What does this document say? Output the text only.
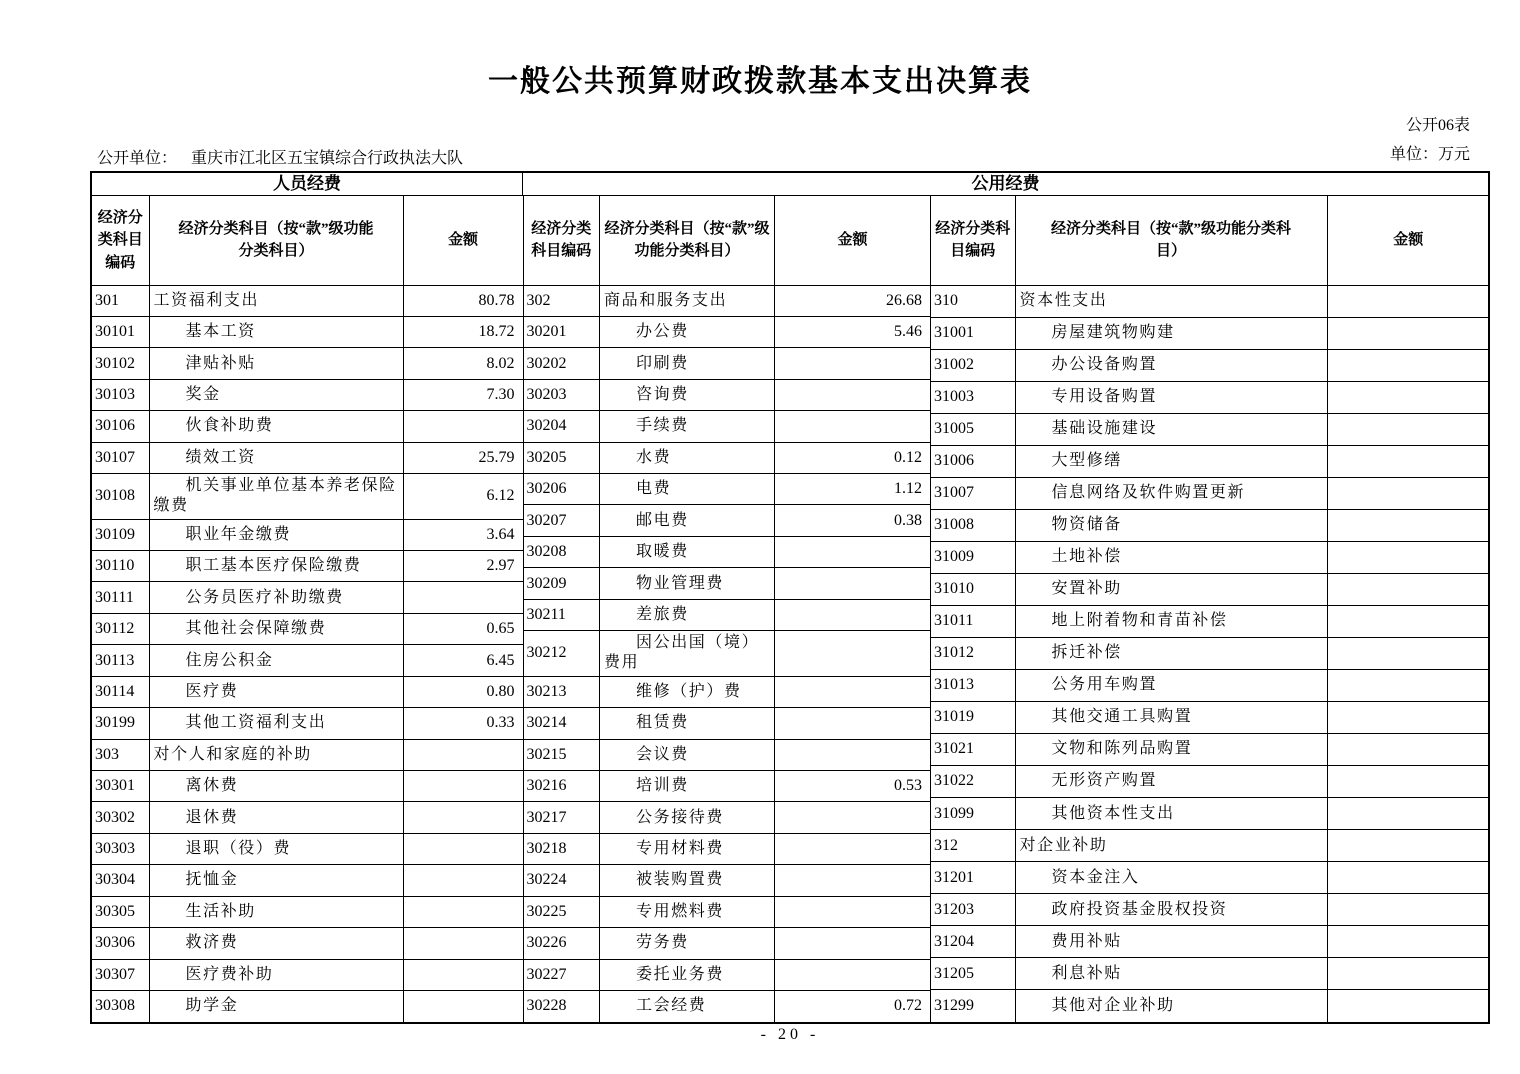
一般公共预算财政拨款基本支出决算表
公开06表
公开单位： 重庆市江北区五宝镇综合行政执法大队	单位：万元
人员经费	公用经费
经济分类科目编码	经济分类科目（按“款”级功能分类科目）	金额
301	工资福利支出	80.78
30101	基本工资	18.72
30102	津贴补贴	8.02
30103	奖金	7.30
30106	伙食补助费	
30107	绩效工资	25.79
30108	机关事业单位基本养老保险缴费	6.12
30109	职业年金缴费	3.64
30110	职工基本医疗保险缴费	2.97
30111	公务员医疗补助缴费	
30112	其他社会保障缴费	0.65
30113	住房公积金	6.45
30114	医疗费	0.80
30199	其他工资福利支出	0.33
303	对个人和家庭的补助	
30301	离休费	
30302	退休费	
30303	退职（役）费	
30304	抚恤金	
30305	生活补助	
30306	救济费	
30307	医疗费补助	
30308	助学金	
经济分类科目编码	经济分类科目（按“款”级功能分类科目）	金额
302	商品和服务支出	26.68
30201	办公费	5.46
30202	印刷费	
30203	咨询费	
30204	手续费	
30205	水费	0.12
30206	电费	1.12
30207	邮电费	0.38
30208	取暖费	
30209	物业管理费	
30211	差旅费	
30212	因公出国（境）费用	
30213	维修（护）费	
30214	租赁费	
30215	会议费	
30216	培训费	0.53
30217	公务接待费	
30218	专用材料费	
30224	被装购置费	
30225	专用燃料费	
30226	劳务费	
30227	委托业务费	
30228	工会经费	0.72
经济分类科目编码	经济分类科目（按“款”级功能分类科目）	金额
310	资本性支出	
31001	房屋建筑物购建	
31002	办公设备购置	
31003	专用设备购置	
31005	基础设施建设	
31006	大型修缮	
31007	信息网络及软件购置更新	
31008	物资储备	
31009	土地补偿	
31010	安置补助	
31011	地上附着物和青苗补偿	
31012	拆迁补偿	
31013	公务用车购置	
31019	其他交通工具购置	
31021	文物和陈列品购置	
31022	无形资产购置	
31099	其他资本性支出	
312	对企业补助	
31201	资本金注入	
31203	政府投资基金股权投资	
31204	费用补贴	
31205	利息补贴	
31299	其他对企业补助	
- 20 -
